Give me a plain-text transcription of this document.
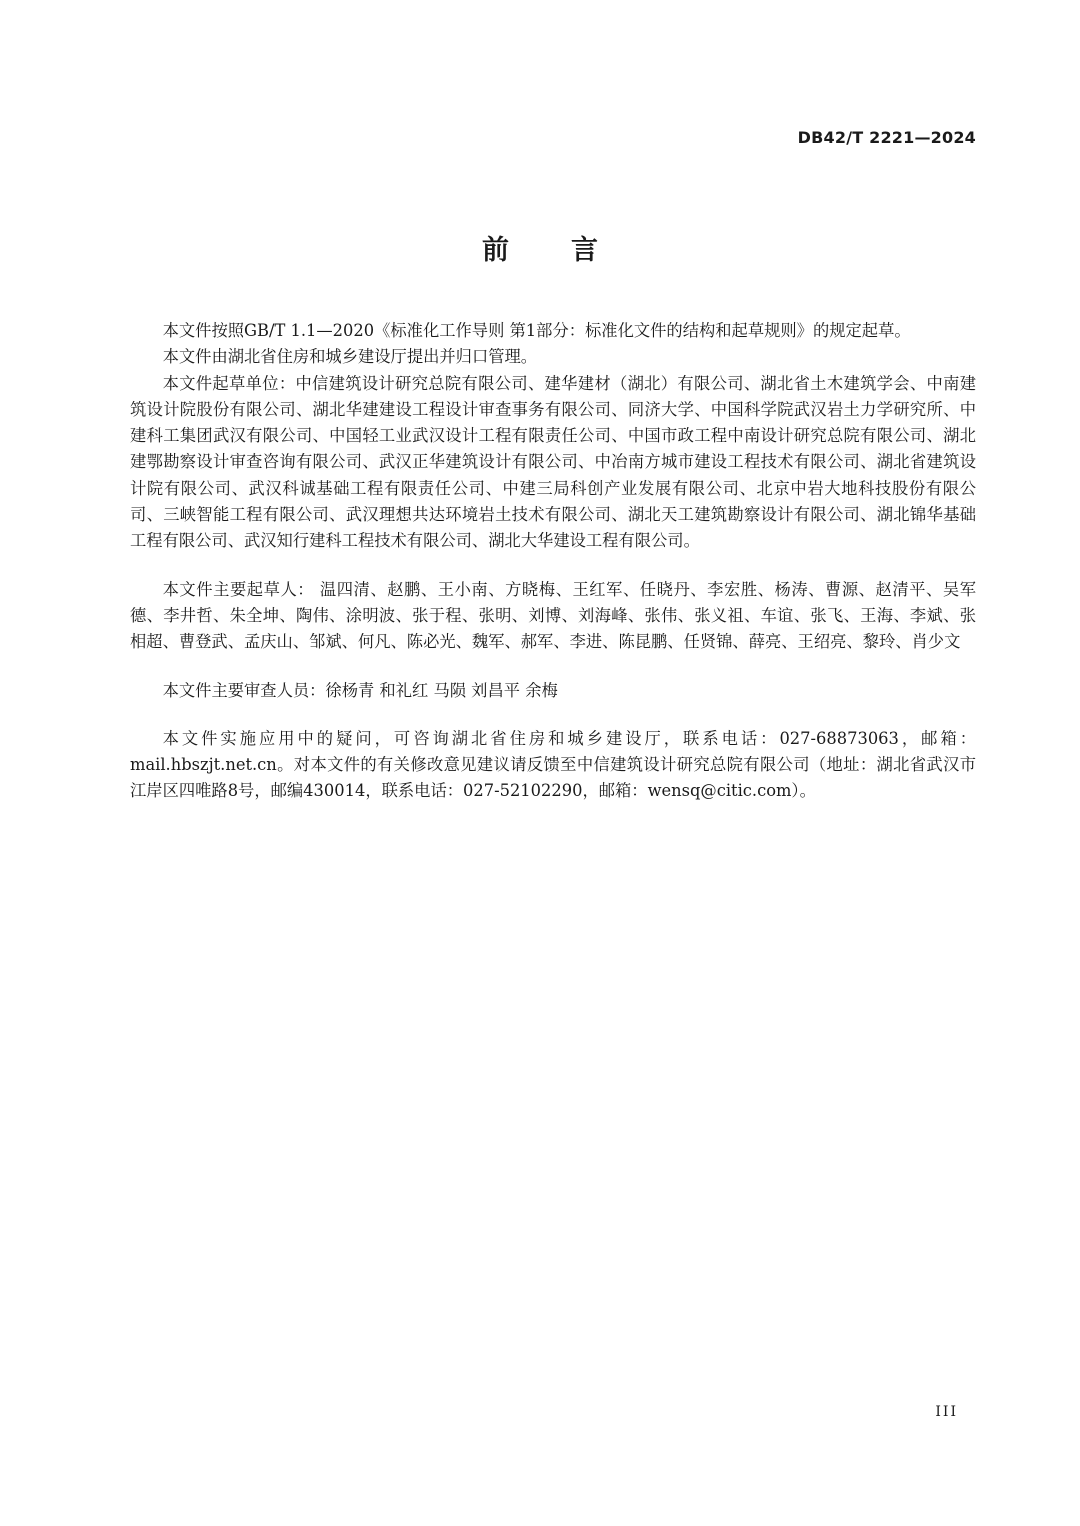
DB42/T 2221—2024
前 言

本文件按照GB/T 1.1—2020《标准化工作导则 第1部分：标准化文件的结构和起草规则》的规定起草。

本文件由湖北省住房和城乡建设厅提出并归口管理。

本文件起草单位：中信建筑设计研究总院有限公司、建华建材（湖北）有限公司、湖北省土木建筑学会、中南建筑设计院股份有限公司、湖北华建建设工程设计审查事务有限公司、同济大学、中国科学院武汉岩土力学研究所、中建科工集团武汉有限公司、中国轻工业武汉设计工程有限责任公司、中国市政工程中南设计研究总院有限公司、湖北建鄂勘察设计审查咨询有限公司、武汉正华建筑设计有限公司、中冶南方城市建设工程技术有限公司、湖北省建筑设计院有限公司、武汉科诚基础工程有限责任公司、中建三局科创产业发展有限公司、北京中岩大地科技股份有限公司、三峡智能工程有限公司、武汉理想共达环境岩土技术有限公司、湖北天工建筑勘察设计有限公司、湖北锦华基础工程有限公司、武汉知行建科工程技术有限公司、湖北大华建设工程有限公司。

本文件主要起草人： 温四清、赵鹏、王小南、方晓梅、王红军、任晓丹、李宏胜、杨涛、曹源、赵清平、吴军德、李井哲、朱全坤、陶伟、涂明波、张于程、张明、刘博、刘海峰、张伟、张义祖、车谊、张飞、王海、李斌、张相超、曹登武、孟庆山、邹斌、何凡、陈必光、魏军、郝军、李进、陈昆鹏、任贤锦、薛亮、王绍亮、黎玲、肖少文

本文件主要审查人员：徐杨青 和礼红 马陨 刘昌平 余梅

本文件实施应用中的疑问，可咨询湖北省住房和城乡建设厅，联系电话：027-68873063，邮箱：mail.hbszjt.net.cn。对本文件的有关修改意见建议请反馈至中信建筑设计研究总院有限公司（地址：湖北省武汉市江岸区四唯路8号，邮编430014，联系电话：027-52102290，邮箱：wensq@citic.com）。

III
